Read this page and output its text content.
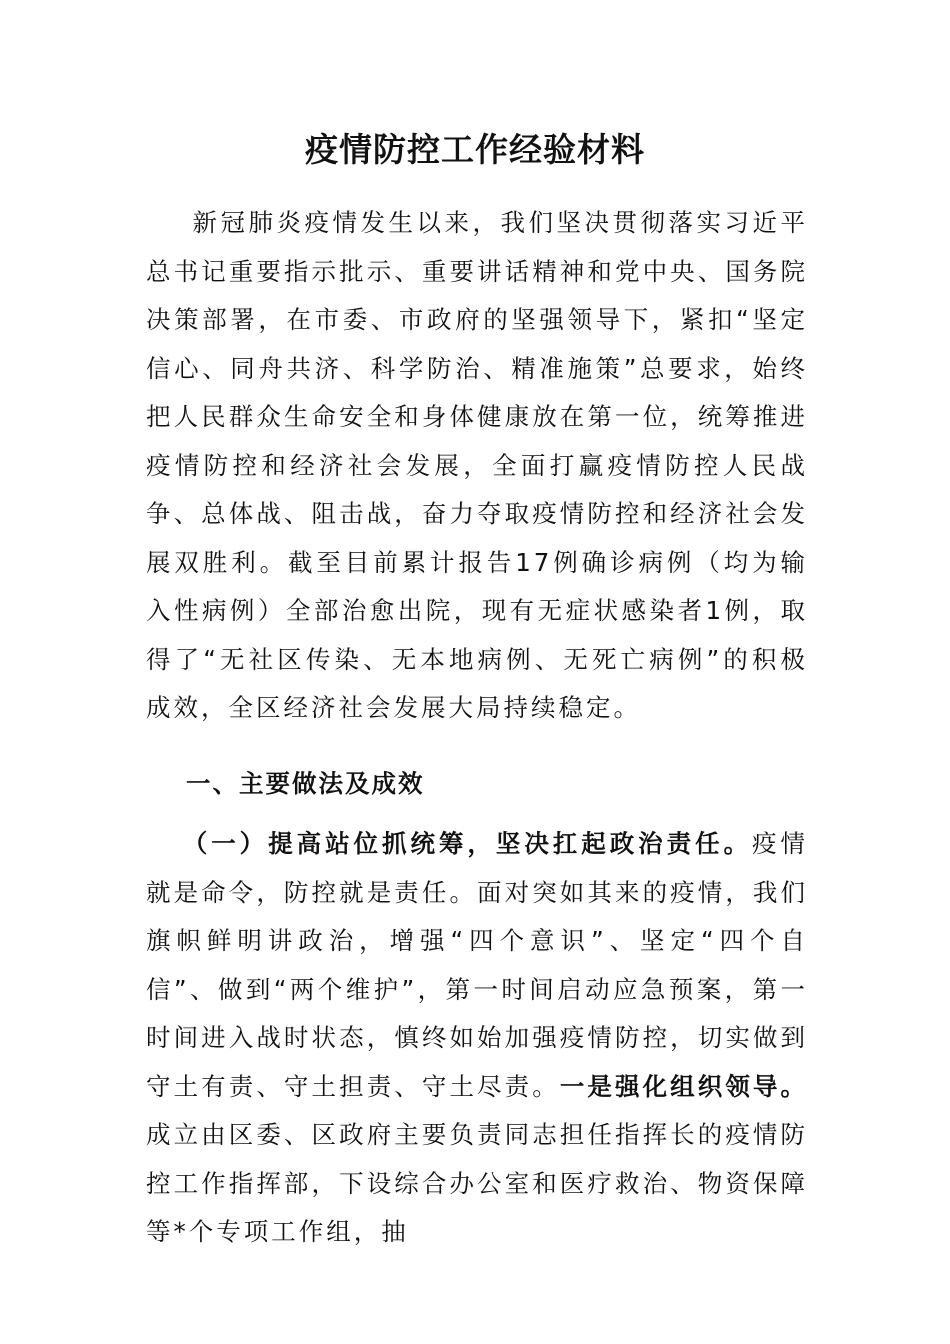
疫情防控工作经验材料

新冠肺炎疫情发生以来，我们坚决贯彻落实习近平总书记重要指示批示、重要讲话精神和党中央、国务院决策部署，在市委、市政府的坚强领导下，紧扣“坚定信心、同舟共济、科学防治、精准施策”总要求，始终把人民群众生命安全和身体健康放在第一位，统筹推进疫情防控和经济社会发展，全面打赢疫情防控人民战争、总体战、阻击战，奋力夺取疫情防控和经济社会发展双胜利。截至目前累计报告17例确诊病例（均为输入性病例）全部治愈出院，现有无症状感染者1例，取得了“无社区传染、无本地病例、无死亡病例”的积极成效，全区经济社会发展大局持续稳定。

一、主要做法及成效

（一）提高站位抓统筹，坚决扛起政治责任。疫情就是命令，防控就是责任。面对突如其来的疫情，我们旗帜鲜明讲政治，增强“四个意识”、坚定“四个自信”、做到“两个维护”，第一时间启动应急预案，第一时间进入战时状态，慎终如始加强疫情防控，切实做到守土有责、守土担责、守土尽责。一是强化组织领导。成立由区委、区政府主要负责同志担任指挥长的疫情防控工作指挥部，下设综合办公室和医疗救治、物资保障等*个专项工作组，抽
